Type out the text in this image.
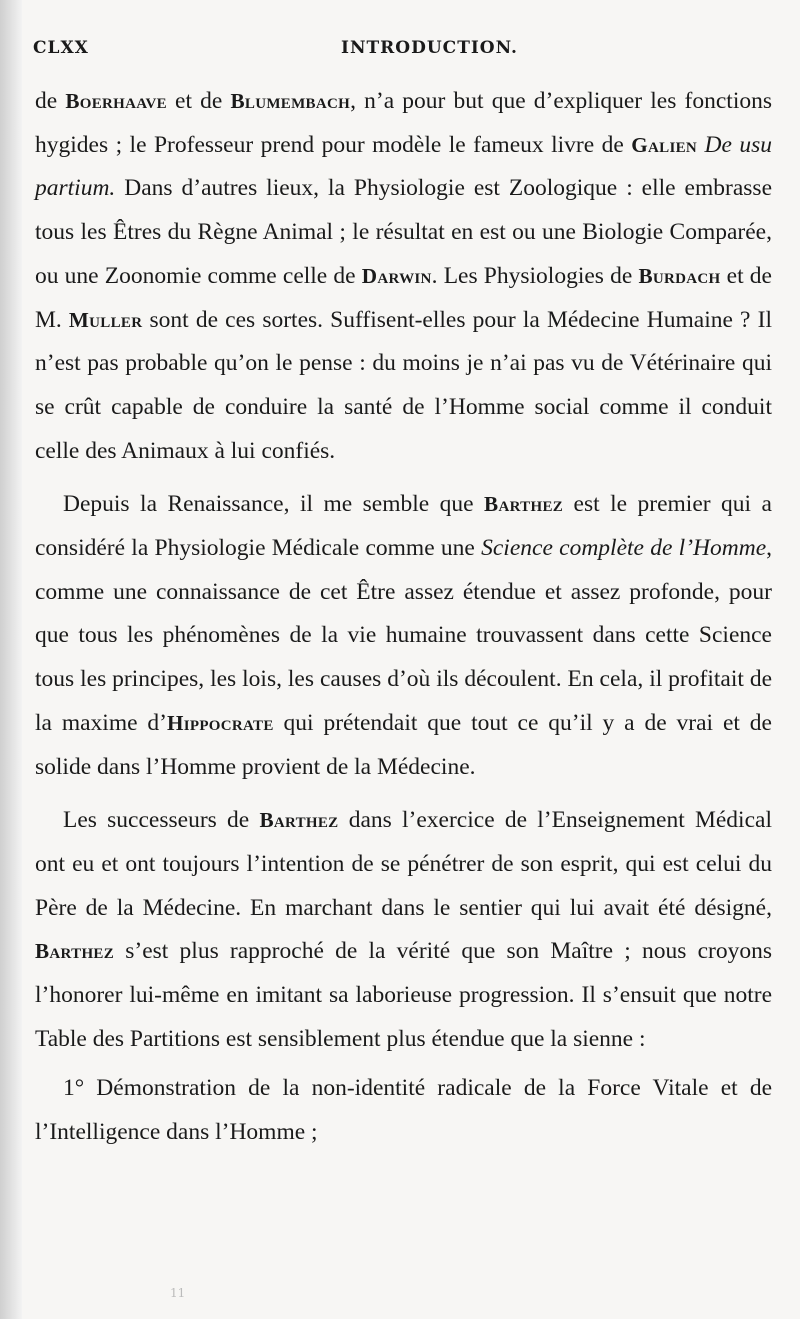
CLXX	INTRODUCTION.

de Boerhaave et de Blumembach, n’a pour but que d’expliquer les fonctions hygides ; le Professeur prend pour modèle le fameux livre de Galien De usu partium. Dans d’autres lieux, la Physiologie est Zoologique : elle embrasse tous les Êtres du Règne Animal ; le résultat en est ou une Biologie Comparée, ou une Zoonomie comme celle de Darwin. Les Physiologies de Burdach et de M. Muller sont de ces sortes. Suffisent-elles pour la Médecine Humaine ? Il n’est pas probable qu’on le pense : du moins je n’ai pas vu de Vétérinaire qui se crût capable de conduire la santé de l’Homme social comme il conduit celle des Animaux à lui confiés.

Depuis la Renaissance, il me semble que Barthez est le premier qui a considéré la Physiologie Médicale comme une Science complète de l’Homme, comme une connaissance de cet Être assez étendue et assez profonde, pour que tous les phénomènes de la vie humaine trouvassent dans cette Science tous les principes, les lois, les causes d’où ils découlent. En cela, il profitait de la maxime d’Hippocrate qui prétendait que tout ce qu’il y a de vrai et de solide dans l’Homme provient de la Médecine.

Les successeurs de Barthez dans l’exercice de l’Enseignement Médical ont eu et ont toujours l’intention de se pénétrer de son esprit, qui est celui du Père de la Médecine. En marchant dans le sentier qui lui avait été désigné, Barthez s’est plus rapproché de la vérité que son Maître ; nous croyons l’honorer lui-même en imitant sa laborieuse progression. Il s’ensuit que notre Table des Partitions est sensiblement plus étendue que la sienne :

1° Démonstration de la non-identité radicale de la Force Vitale et de l’Intelligence dans l’Homme ;

11
